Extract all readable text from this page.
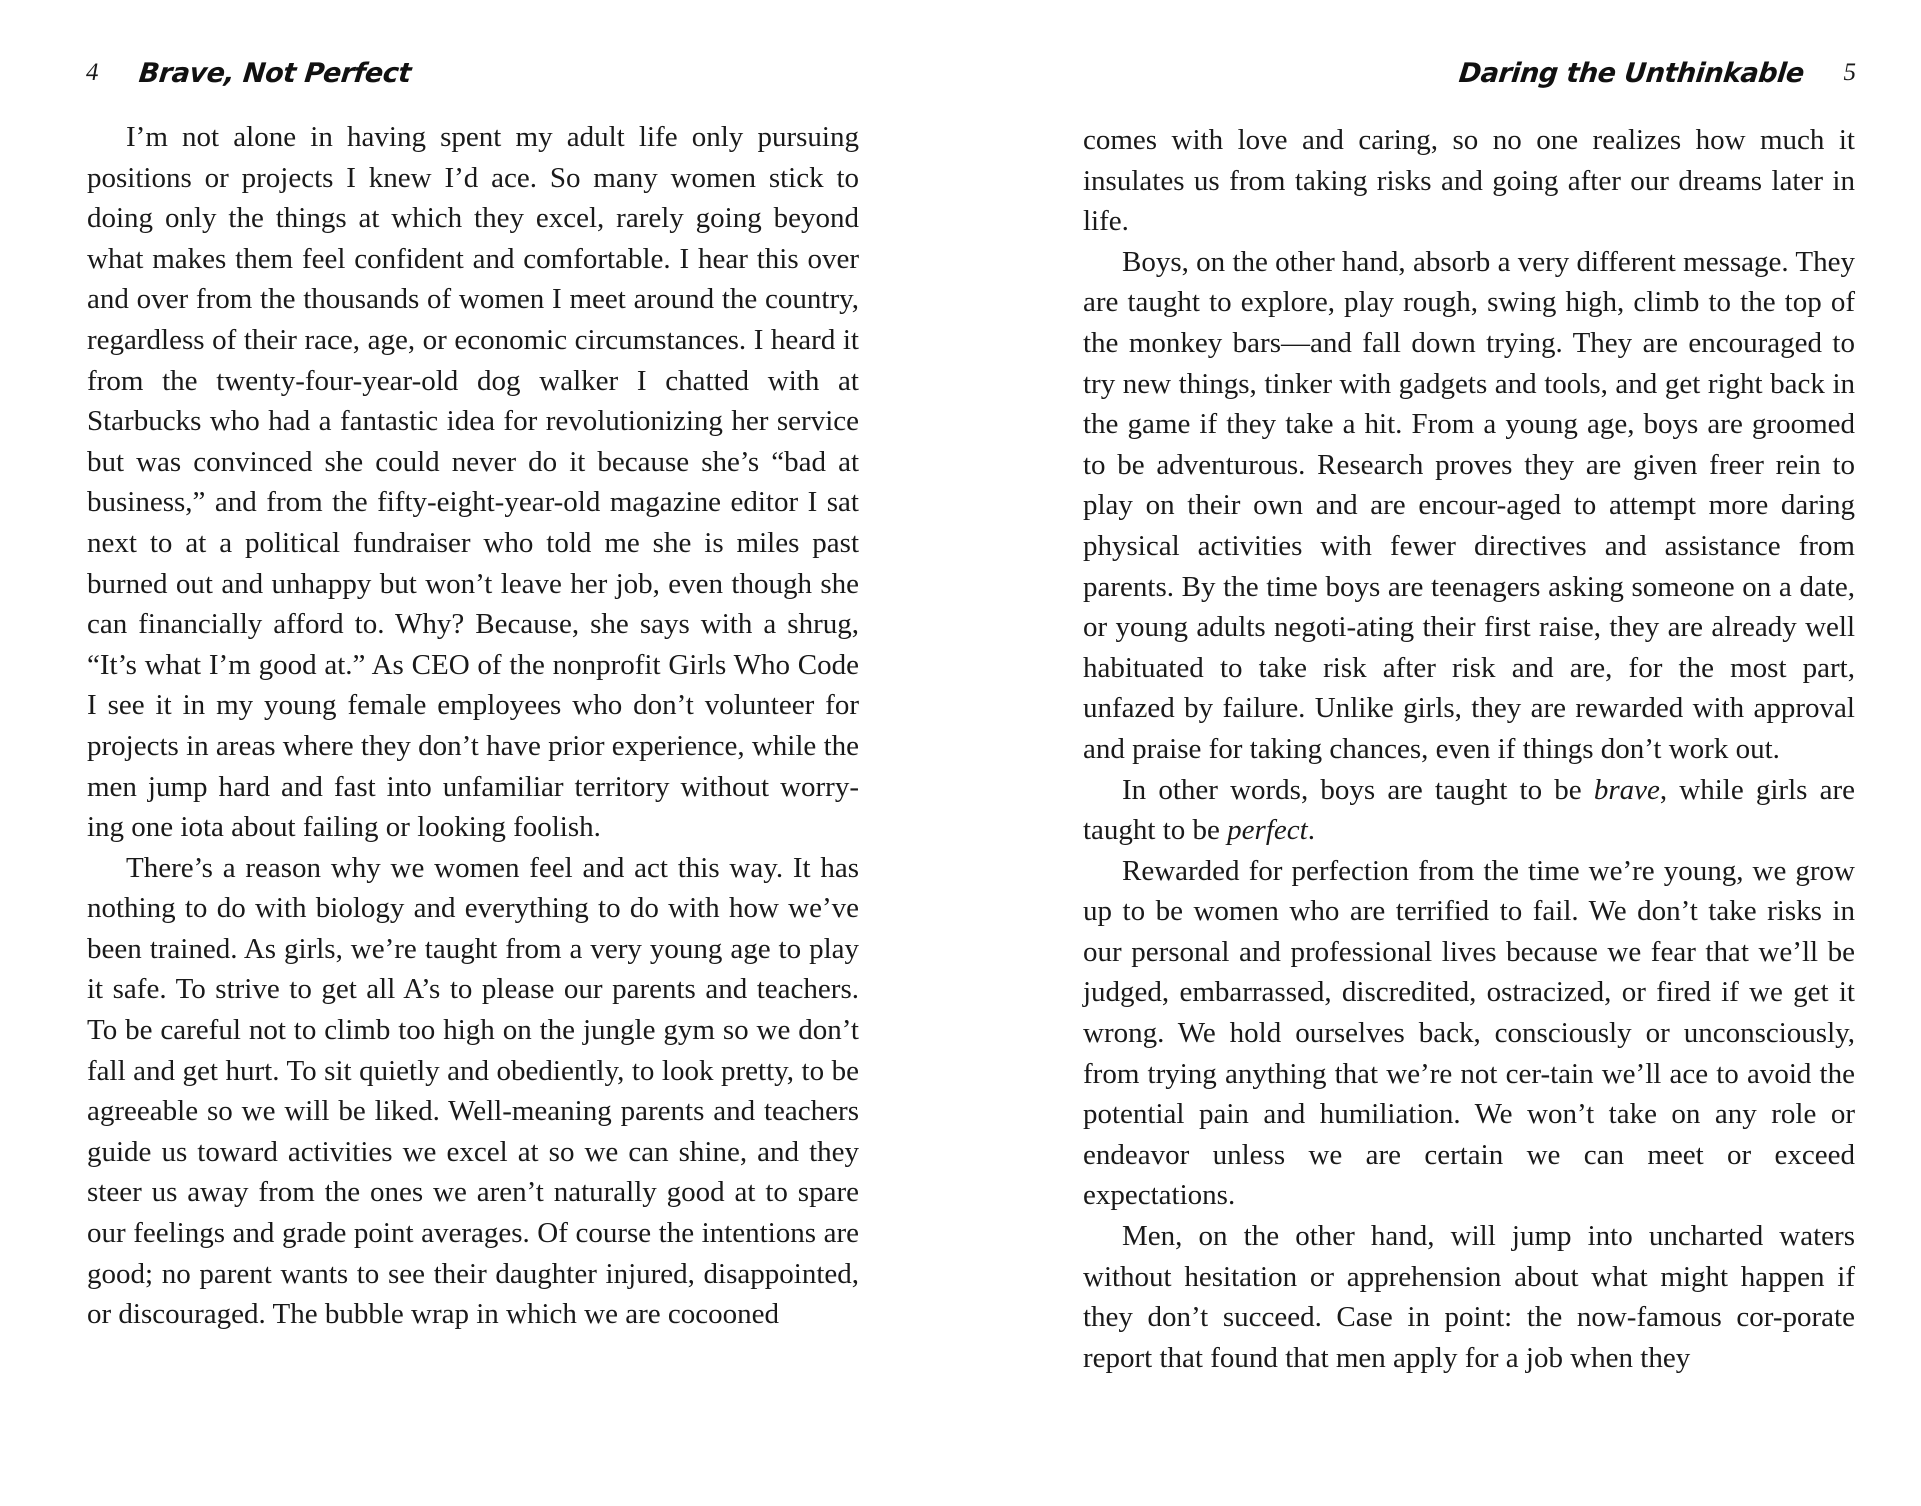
4 Brave, Not Perfect

I’m not alone in having spent my adult life only pursuing positions or projects I knew I’d ace. So many women stick to doing only the things at which they excel, rarely going beyond what makes them feel confident and comfortable. I hear this over and over from the thousands of women I meet around the country, regardless of their race, age, or economic circumstances. I heard it from the twenty-four-year-old dog walker I chatted with at Starbucks who had a fantastic idea for revolutionizing her service but was convinced she could never do it because she’s “bad at business,” and from the fifty-eight-year-old magazine editor I sat next to at a political fundraiser who told me she is miles past burned out and unhappy but won’t leave her job, even though she can financially afford to. Why? Because, she says with a shrug, “It’s what I’m good at.” As CEO of the nonprofit Girls Who Code I see it in my young female employees who don’t volunteer for projects in areas where they don’t have prior experience, while the men jump hard and fast into unfamiliar territory without worry-ing one iota about failing or looking foolish.

There’s a reason why we women feel and act this way. It has nothing to do with biology and everything to do with how we’ve been trained. As girls, we’re taught from a very young age to play it safe. To strive to get all A’s to please our parents and teachers. To be careful not to climb too high on the jungle gym so we don’t fall and get hurt. To sit quietly and obediently, to look pretty, to be agreeable so we will be liked. Well-meaning parents and teachers guide us toward activities we excel at so we can shine, and they steer us away from the ones we aren’t naturally good at to spare our feelings and grade point averages. Of course the intentions are good; no parent wants to see their daughter injured, disappointed, or discouraged. The bubble wrap in which we are cocooned

Daring the Unthinkable 5

comes with love and caring, so no one realizes how much it insulates us from taking risks and going after our dreams later in life.

Boys, on the other hand, absorb a very different message. They are taught to explore, play rough, swing high, climb to the top of the monkey bars—and fall down trying. They are encouraged to try new things, tinker with gadgets and tools, and get right back in the game if they take a hit. From a young age, boys are groomed to be adventurous. Research proves they are given freer rein to play on their own and are encour-aged to attempt more daring physical activities with fewer directives and assistance from parents. By the time boys are teenagers asking someone on a date, or young adults negoti-ating their first raise, they are already well habituated to take risk after risk and are, for the most part, unfazed by failure. Unlike girls, they are rewarded with approval and praise for taking chances, even if things don’t work out.

In other words, boys are taught to be brave, while girls are taught to be perfect.

Rewarded for perfection from the time we’re young, we grow up to be women who are terrified to fail. We don’t take risks in our personal and professional lives because we fear that we’ll be judged, embarrassed, discredited, ostracized, or fired if we get it wrong. We hold ourselves back, consciously or unconsciously, from trying anything that we’re not cer-tain we’ll ace to avoid the potential pain and humiliation. We won’t take on any role or endeavor unless we are certain we can meet or exceed expectations.

Men, on the other hand, will jump into uncharted waters without hesitation or apprehension about what might happen if they don’t succeed. Case in point: the now-famous cor-porate report that found that men apply for a job when they
